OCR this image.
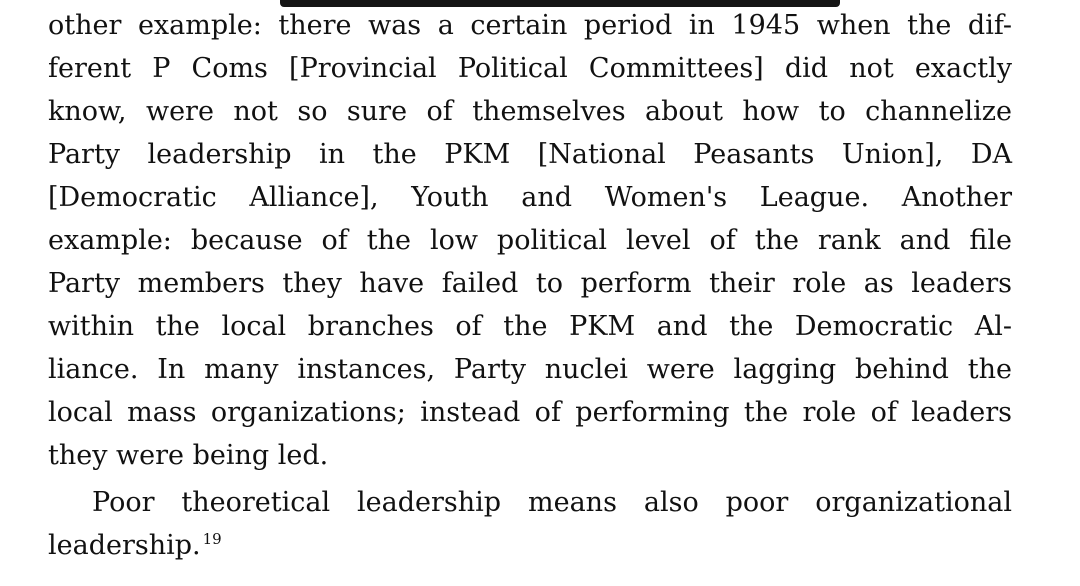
other example: there was a certain period in 1945 when the dif-
ferent P Coms [Provincial Political Committees] did not exactly
know, were not so sure of themselves about how to channelize
Party leadership in the PKM [National Peasants Union], DA
[Democratic Alliance], Youth and Women's League. Another
example: because of the low political level of the rank and file
Party members they have failed to perform their role as leaders
within the local branches of the PKM and the Democratic Al-
liance. In many instances, Party nuclei were lagging behind the
local mass organizations; instead of performing the role of leaders
they were being led.
Poor theoretical leadership means also poor organizational
leadership. $^{19}$
